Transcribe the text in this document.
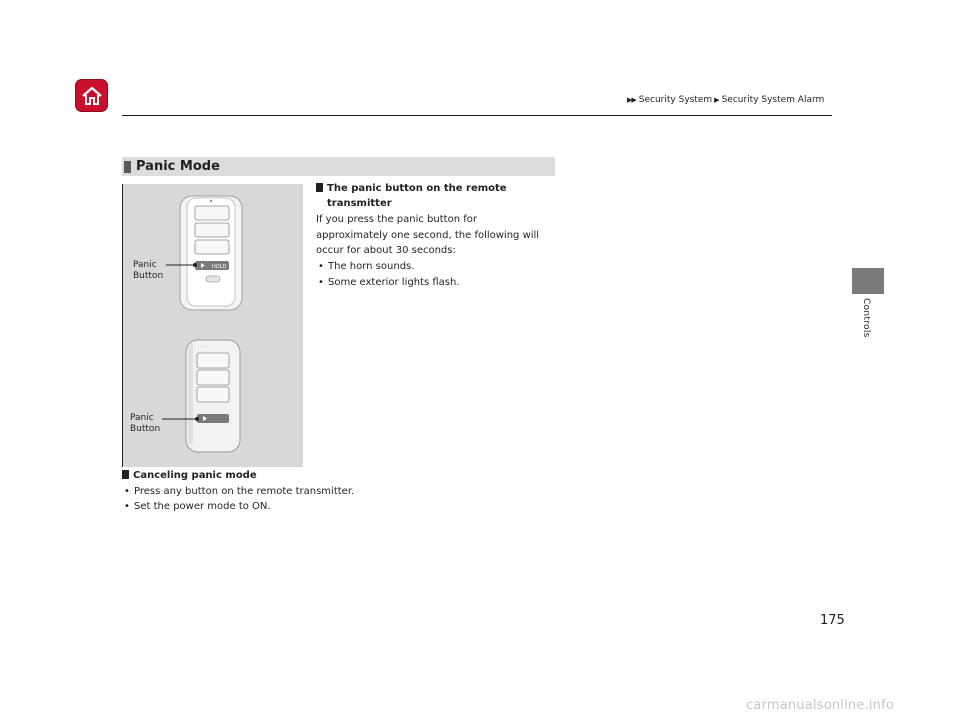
▶▶ Security System ▶ Security System Alarm
Controls
Panic Mode
HOLD
. . . .
Panic
Button
Panic
Button
The panic button on the remote
transmitter
If you press the panic button for
approximately one second, the following will
occur for about 30 seconds:
• The horn sounds.
• Some exterior lights flash.
Canceling panic mode
• Press any button on the remote transmitter.
• Set the power mode to ON.
175
carmanualsonline.info
